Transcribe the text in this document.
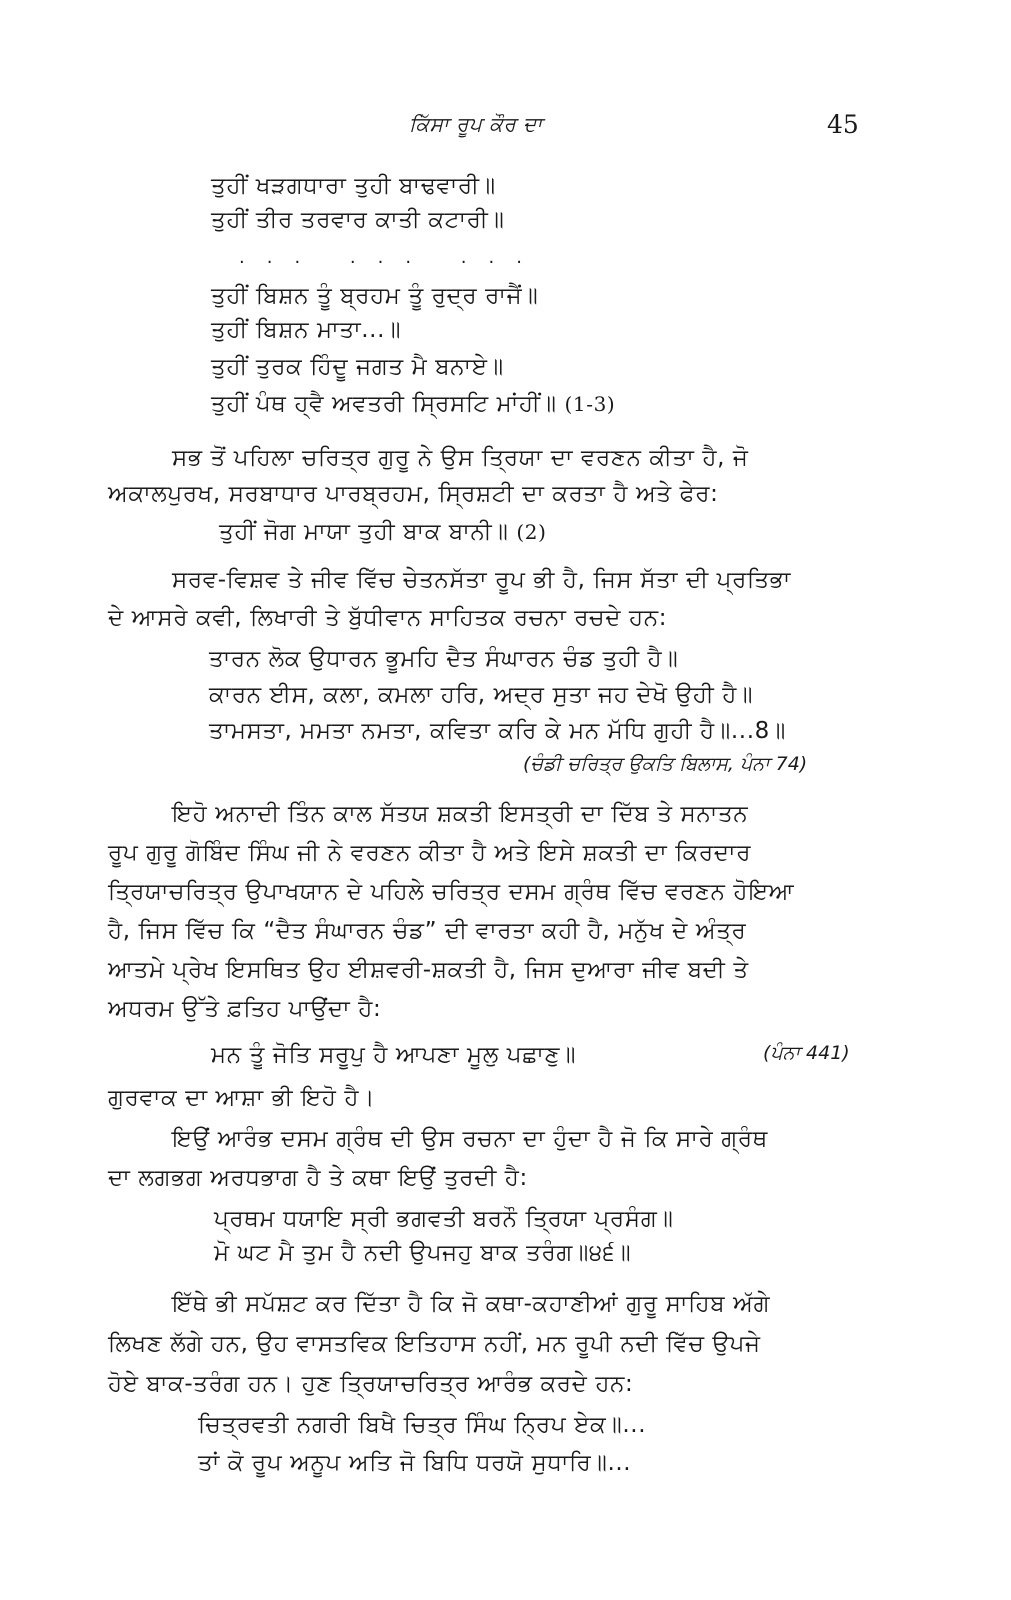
ਕਿੱਸਾ ਰੂਪ ਕੌਰ ਦਾ	45
ਤੁਹੀਂ ਖੜਗਧਾਰਾ ਤੁਹੀ ਬਾਢਵਾਰੀ॥
ਤੁਹੀਂ ਤੀਰ ਤਰਵਾਰ ਕਾਤੀ ਕਟਾਰੀ॥
... ... ...
ਤੁਹੀਂ ਬਿਸ਼ਨ ਤੂੰ ਬ੍ਰਹਮ ਤੂੰ ਰੁਦ੍ਰ ਰਾਜੈਂ॥
ਤੁਹੀਂ ਬਿਸ਼ਨ ਮਾਤਾ...॥
ਤੁਹੀਂ ਤੁਰਕ ਹਿੰਦੂ ਜਗਤ ਮੈ ਬਨਾਏ॥
ਤੁਹੀਂ ਪੰਥ ਹ੍ਵੈ ਅਵਤਰੀ ਸ੍ਰਿਸਟਿ ਮਾਂਹੀਂ॥ (1-3)
ਸਭ ਤੋਂ ਪਹਿਲਾ ਚਰਿਤ੍ਰ ਗੁਰੂ ਨੇ ਉਸ ਤ੍ਰਿਯਾ ਦਾ ਵਰਣਨ ਕੀਤਾ ਹੈ, ਜੋ
ਅਕਾਲਪੁਰਖ, ਸਰਬਾਧਾਰ ਪਾਰਬ੍ਰਹਮ, ਸ੍ਰਿਸ਼ਟੀ ਦਾ ਕਰਤਾ ਹੈ ਅਤੇ ਫੇਰ:
ਤੁਹੀਂ ਜੋਗ ਮਾਯਾ ਤੁਹੀ ਬਾਕ ਬਾਨੀ॥ (2)
ਸਰਵ-ਵਿਸ਼ਵ ਤੇ ਜੀਵ ਵਿੱਚ ਚੇਤਨਸੱਤਾ ਰੂਪ ਭੀ ਹੈ, ਜਿਸ ਸੱਤਾ ਦੀ ਪ੍ਰਤਿਭਾ
ਦੇ ਆਸਰੇ ਕਵੀ, ਲਿਖਾਰੀ ਤੇ ਬੁੱਧੀਵਾਨ ਸਾਹਿਤਕ ਰਚਨਾ ਰਚਦੇ ਹਨ:
ਤਾਰਨ ਲੋਕ ਉਧਾਰਨ ਭੂਮਹਿ ਦੈਤ ਸੰਘਾਰਨ ਚੰਡ ਤੁਹੀ ਹੈ॥
ਕਾਰਨ ਈਸ, ਕਲਾ, ਕਮਲਾ ਹਰਿ, ਅਦ੍ਰ ਸੁਤਾ ਜਹ ਦੇਖੋ ਉਹੀ ਹੈ॥
ਤਾਮਸਤਾ, ਮਮਤਾ ਨਮਤਾ, ਕਵਿਤਾ ਕਰਿ ਕੇ ਮਨ ਮੱਧਿ ਗੁਹੀ ਹੈ॥...8॥
(ਚੰਡੀ ਚਰਿਤ੍ਰ ਉਕਤਿ ਬਿਲਾਸ, ਪੰਨਾ 74)
ਇਹੋ ਅਨਾਦੀ ਤਿੰਨ ਕਾਲ ਸੱਤਯ ਸ਼ਕਤੀ ਇਸਤ੍ਰੀ ਦਾ ਦਿੱਬ ਤੇ ਸਨਾਤਨ
ਰੂਪ ਗੁਰੂ ਗੋਬਿੰਦ ਸਿੰਘ ਜੀ ਨੇ ਵਰਣਨ ਕੀਤਾ ਹੈ ਅਤੇ ਇਸੇ ਸ਼ਕਤੀ ਦਾ ਕਿਰਦਾਰ
ਤ੍ਰਿਯਾਚਰਿਤ੍ਰ ਉਪਾਖਯਾਨ ਦੇ ਪਹਿਲੇ ਚਰਿਤ੍ਰ ਦਸਮ ਗ੍ਰੰਥ ਵਿੱਚ ਵਰਣਨ ਹੋਇਆ
ਹੈ, ਜਿਸ ਵਿੱਚ ਕਿ “ਦੈਤ ਸੰਘਾਰਨ ਚੰਡ” ਦੀ ਵਾਰਤਾ ਕਹੀ ਹੈ, ਮਨੁੱਖ ਦੇ ਅੰਤ੍ਰ
ਆਤਮੇ ਪ੍ਰੇਖ ਇਸਥਿਤ ਉਹ ਈਸ਼ਵਰੀ-ਸ਼ਕਤੀ ਹੈ, ਜਿਸ ਦੁਆਰਾ ਜੀਵ ਬਦੀ ਤੇ
ਅਧਰਮ ਉੱਤੇ ਫ਼ਤਿਹ ਪਾਉਂਦਾ ਹੈ:
ਮਨ ਤੂੰ ਜੋਤਿ ਸਰੂਪੁ ਹੈ ਆਪਣਾ ਮੂਲੁ ਪਛਾਣੁ॥	(ਪੰਨਾ 441)
ਗੁਰਵਾਕ ਦਾ ਆਸ਼ਾ ਭੀ ਇਹੋ ਹੈ।
ਇਉਂ ਆਰੰਭ ਦਸਮ ਗ੍ਰੰਥ ਦੀ ਉਸ ਰਚਨਾ ਦਾ ਹੁੰਦਾ ਹੈ ਜੋ ਕਿ ਸਾਰੇ ਗ੍ਰੰਥ
ਦਾ ਲਗਭਗ ਅਰਧਭਾਗ ਹੈ ਤੇ ਕਥਾ ਇਉਂ ਤੁਰਦੀ ਹੈ:
ਪ੍ਰਥਮ ਧਯਾਇ ਸ੍ਰੀ ਭਗਵਤੀ ਬਰਨੌ ਤ੍ਰਿਯਾ ਪ੍ਰਸੰਗ॥
ਮੋ ਘਟ ਮੈ ਤੁਮ ਹੈ ਨਦੀ ਉਪਜਹੁ ਬਾਕ ਤਰੰਗ॥੪੬॥
ਇੱਥੇ ਭੀ ਸਪੱਸ਼ਟ ਕਰ ਦਿੱਤਾ ਹੈ ਕਿ ਜੋ ਕਥਾ-ਕਹਾਣੀਆਂ ਗੁਰੂ ਸਾਹਿਬ ਅੱਗੇ
ਲਿਖਣ ਲੱਗੇ ਹਨ, ਉਹ ਵਾਸਤਵਿਕ ਇਤਿਹਾਸ ਨਹੀਂ, ਮਨ ਰੂਪੀ ਨਦੀ ਵਿੱਚ ਉਪਜੇ
ਹੋਏ ਬਾਕ-ਤਰੰਗ ਹਨ। ਹੁਣ ਤ੍ਰਿਯਾਚਰਿਤ੍ਰ ਆਰੰਭ ਕਰਦੇ ਹਨ:
ਚਿਤ੍ਰਵਤੀ ਨਗਰੀ ਬਿਖੈ ਚਿਤ੍ਰ ਸਿੰਘ ਨ੍ਰਿਪ ਏਕ॥...
ਤਾਂ ਕੋ ਰੂਪ ਅਨੂਪ ਅਤਿ ਜੋ ਬਿਧਿ ਧਰਯੋ ਸੁਧਾਰਿ॥...
